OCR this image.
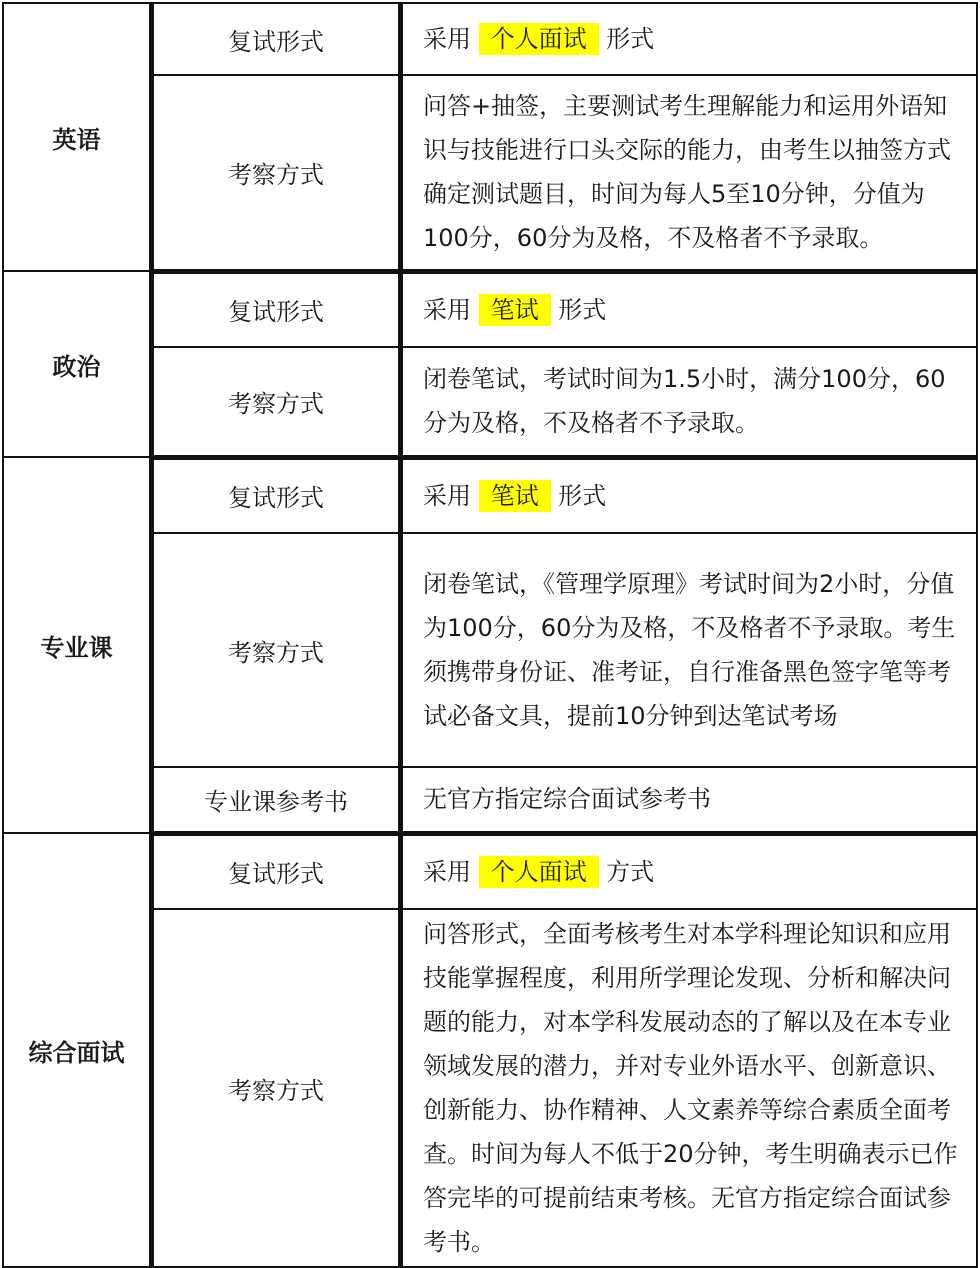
英语	复试形式	采用 个人面试 形式
	考察方式	问答+抽签，主要测试考生理解能力和运用外语知识与技能进行口头交际的能力，由考生以抽签方式确定测试题目，时间为每人5至10分钟，分值为100分，60分为及格，不及格者不予录取。
政治	复试形式	采用 笔试 形式
	考察方式	闭卷笔试，考试时间为1.5小时，满分100分，60分为及格，不及格者不予录取。
专业课	复试形式	采用 笔试 形式
	考察方式	闭卷笔试，《管理学原理》考试时间为2小时，分值为100分，60分为及格，不及格者不予录取。考生须携带身份证、准考证，自行准备黑色签字笔等考试必备文具，提前10分钟到达笔试考场
	专业课参考书	无官方指定综合面试参考书
综合面试	复试形式	采用 个人面试 方式
	考察方式	问答形式，全面考核考生对本学科理论知识和应用技能掌握程度，利用所学理论发现、分析和解决问题的能力，对本学科发展动态的了解以及在本专业领域发展的潜力，并对专业外语水平、创新意识、创新能力、协作精神、人文素养等综合素质全面考查。时间为每人不低于20分钟，考生明确表示已作答完毕的可提前结束考核。无官方指定综合面试参考书。
